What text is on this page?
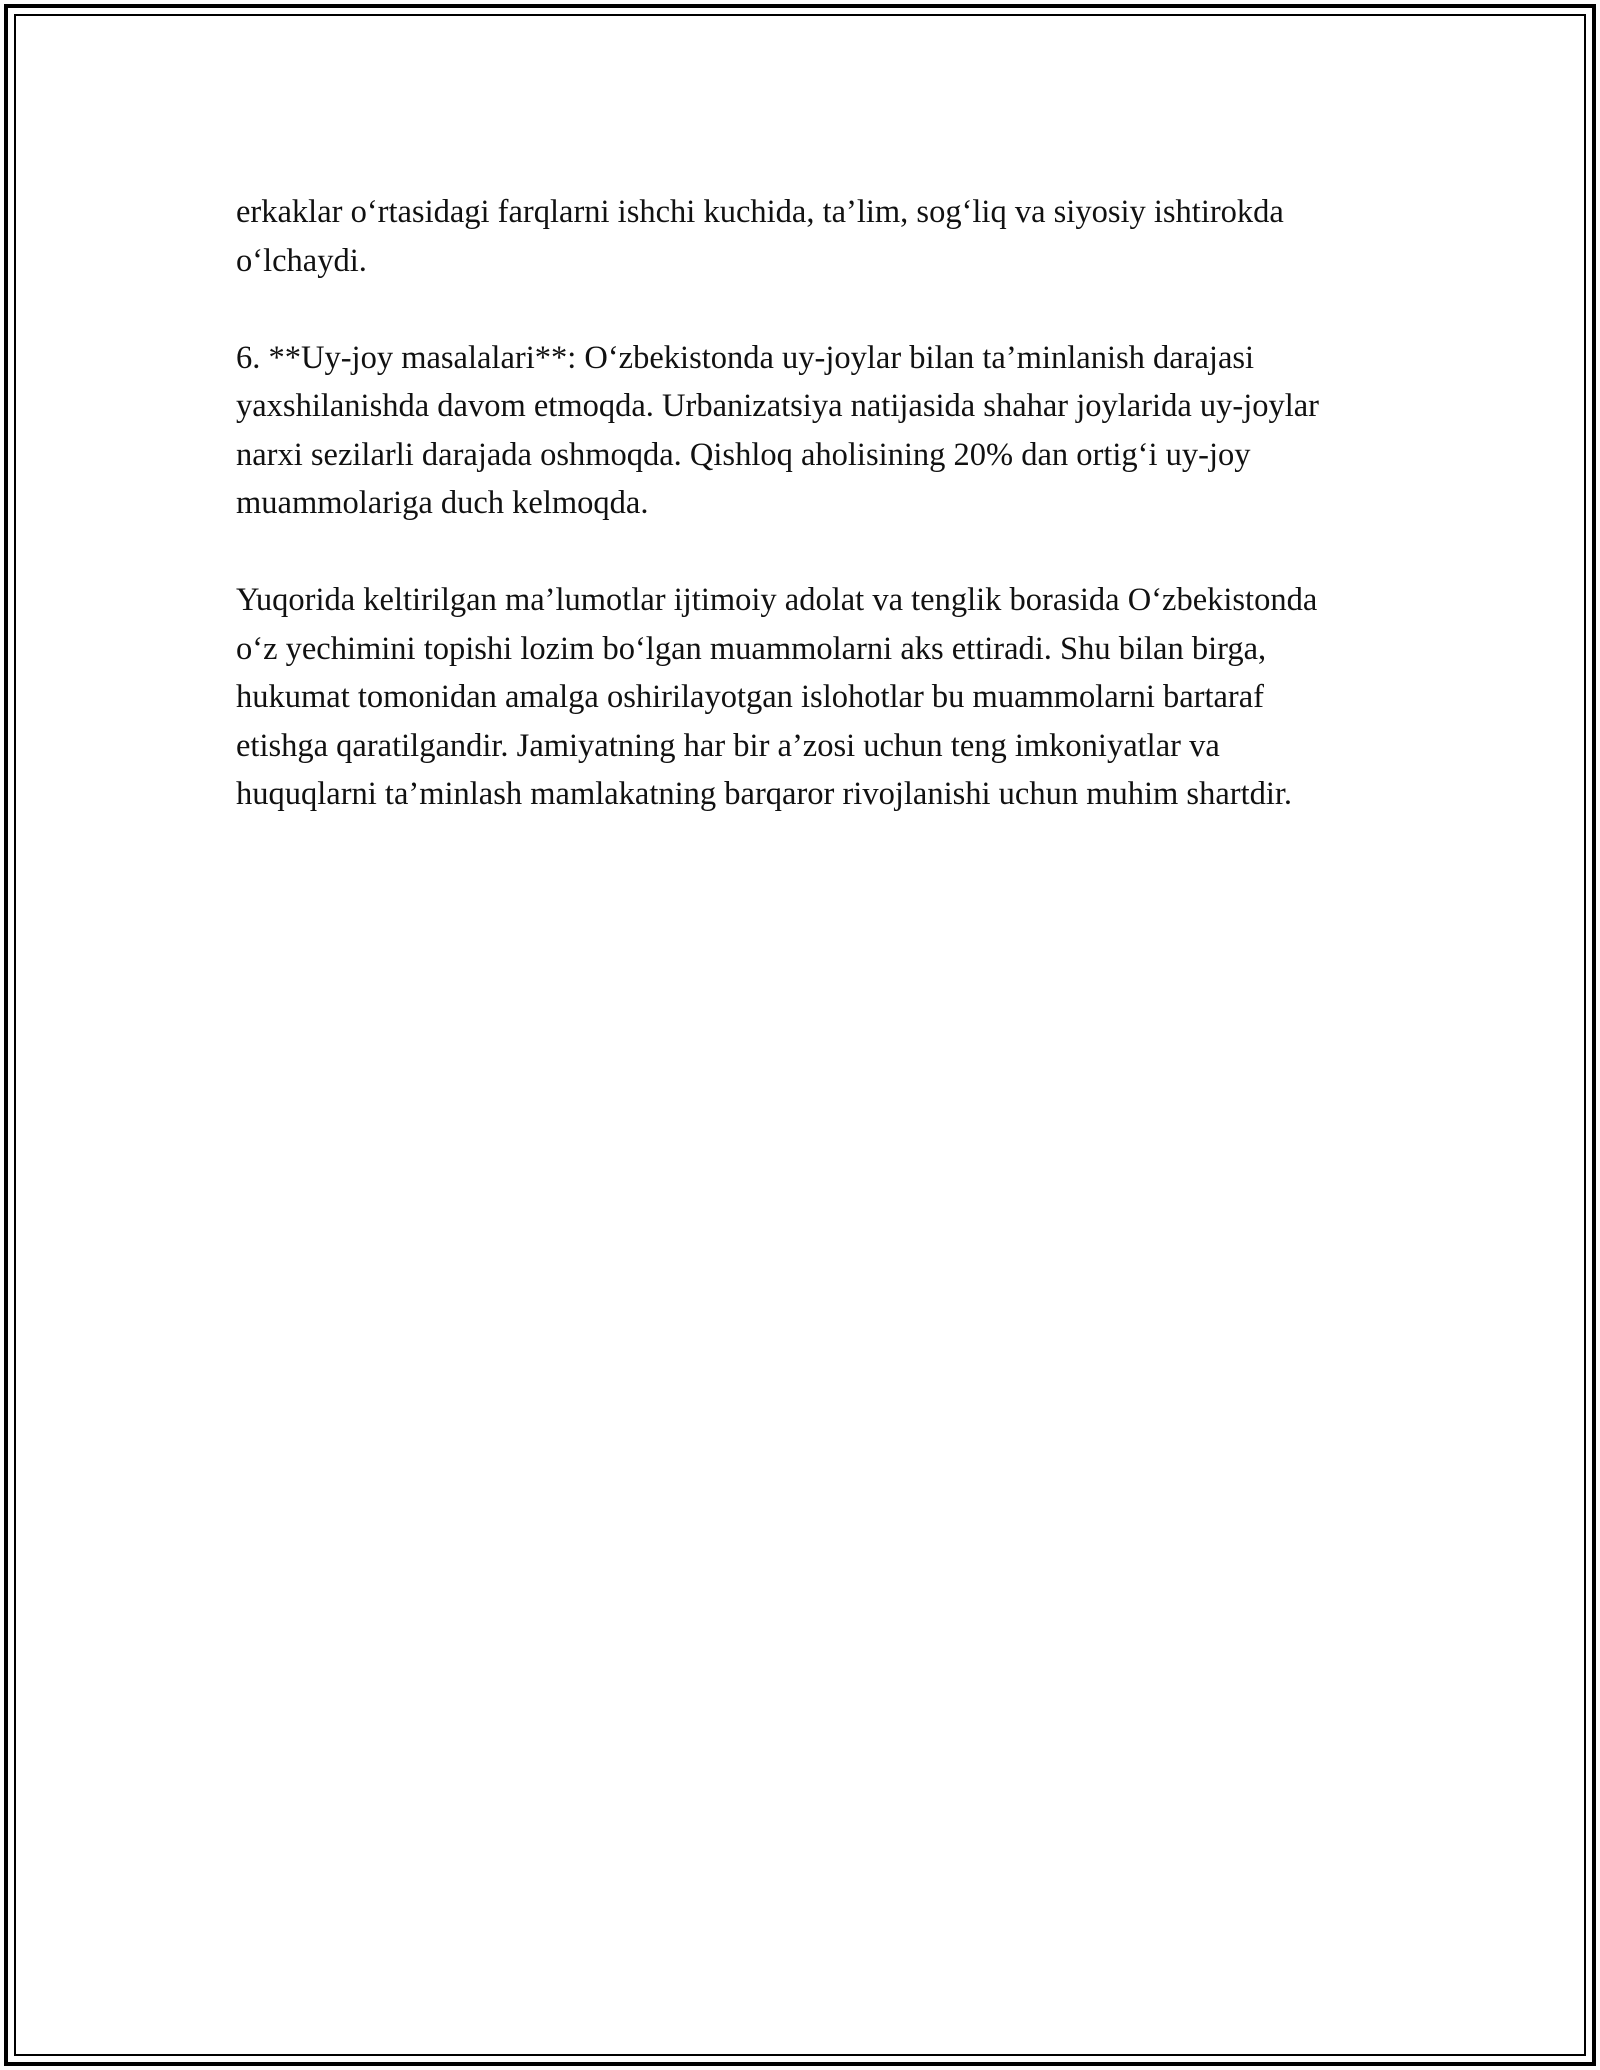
erkaklar o‘rtasidagi farqlarni ishchi kuchida, ta’lim, sog‘liq va siyosiy ishtirokda o‘lchaydi.

6. **Uy-joy masalalari**: O‘zbekistonda uy-joylar bilan ta’minlanish darajasi yaxshilanishda davom etmoqda. Urbanizatsiya natijasida shahar joylarida uy-joylar narxi sezilarli darajada oshmoqda. Qishloq aholisining 20% dan ortig‘i uy-joy muammolariga duch kelmoqda.

Yuqorida keltirilgan ma’lumotlar ijtimoiy adolat va tenglik borasida O‘zbekistonda o‘z yechimini topishi lozim bo‘lgan muammolarni aks ettiradi. Shu bilan birga, hukumat tomonidan amalga oshirilayotgan islohotlar bu muammolarni bartaraf etishga qaratilgandir. Jamiyatning har bir a’zosi uchun teng imkoniyatlar va huquqlarni ta’minlash mamlakatning barqaror rivojlanishi uchun muhim shartdir.
